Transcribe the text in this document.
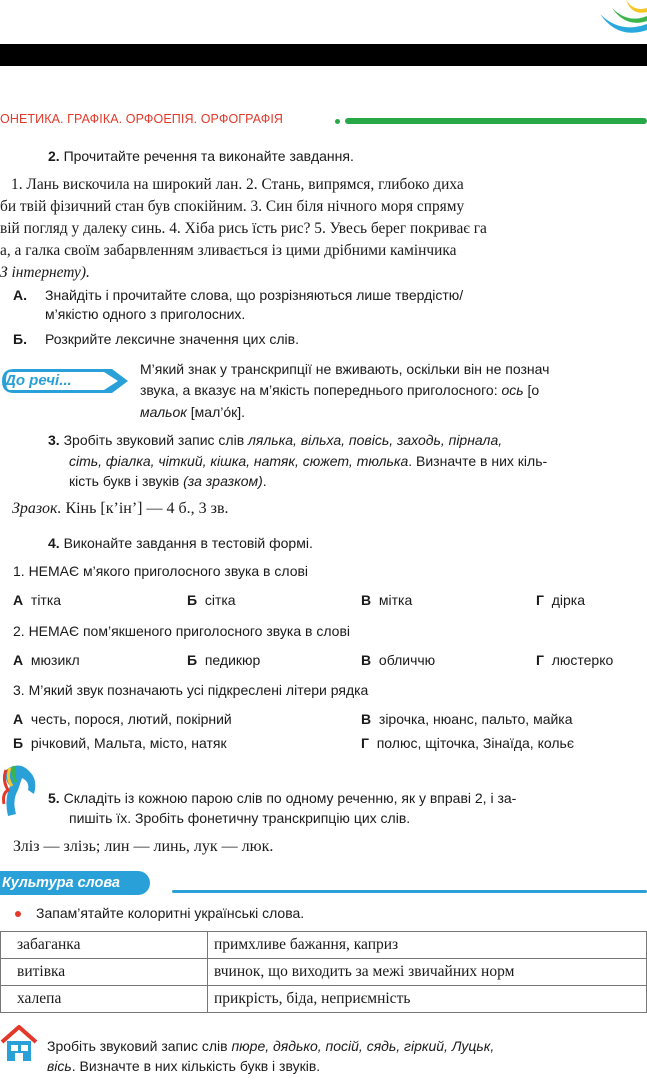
ОНЕТИКА. ГРАФІКА. ОРФОЕПІЯ. ОРФОГРАФІЯ
2. Прочитайте речення та виконайте завдання.
1. Лань вискочила на широкий лан. 2. Стань, випрямся, глибоко диха
би твій фізичний стан був спокійним. 3. Син біля нічного моря спряму
вій погляд у далеку синь. 4. Хіба рись їсть рис? 5. Увесь берег покриває га
а, а галка своїм забарвленням зливається із цими дрібними камінчика
З інтернету).
А. Знайдіть і прочитайте слова, що розрізняються лише твердістю/
м’якістю одного з приголосних.
Б. Розкрийте лексичне значення цих слів.
До речі...
М’який знак у транскрипції не вживають, оскільки він не познач
звука, а вказує на м’якість попереднього приголосного: ось [о
мальок [мал’о́к].
3. Зробіть звуковий запис слів лялька, вільха, повісь, заходь, пірнала,
сіть, фіалка, чіткий, кішка, натяк, сюжет, тюлька. Визначте в них кіль-
кість букв і звуків (за зразком).
Зразок. Кінь [к’ін’] — 4 б., 3 зв.
4. Виконайте завдання в тестовій формі.
1. НЕМАЄ м’якого приголосного звука в слові
А тітка	Б сітка	В мітка	Г дірка
2. НЕМАЄ пом’якшеного приголосного звука в слові
А мюзикл	Б педикюр	В обличчю	Г люстерко
3. М’який звук позначають усі підкреслені літери рядка
А честь, порося, лютий, покірний	В зірочка, нюанс, пальто, майка
Б річковий, Мальта, місто, натяк	Г полюс, щіточка, Зінаїда, кольє
5. Складіть із кожною парою слів по одному реченню, як у вправі 2, і за-
пишіть їх. Зробіть фонетичну транскрипцію цих слів.
Зліз — злізь; лин — линь, лук — люк.
Культура слова
Запам’ятайте колоритні українські слова.
забаганка	примхливе бажання, каприз
витівка	вчинок, що виходить за межі звичайних норм
халепа	прикрість, біда, неприємність
Зробіть звуковий запис слів пюре, дядько, посій, сядь, гіркий, Луцьк,
вісь. Визначте в них кількість букв і звуків.
